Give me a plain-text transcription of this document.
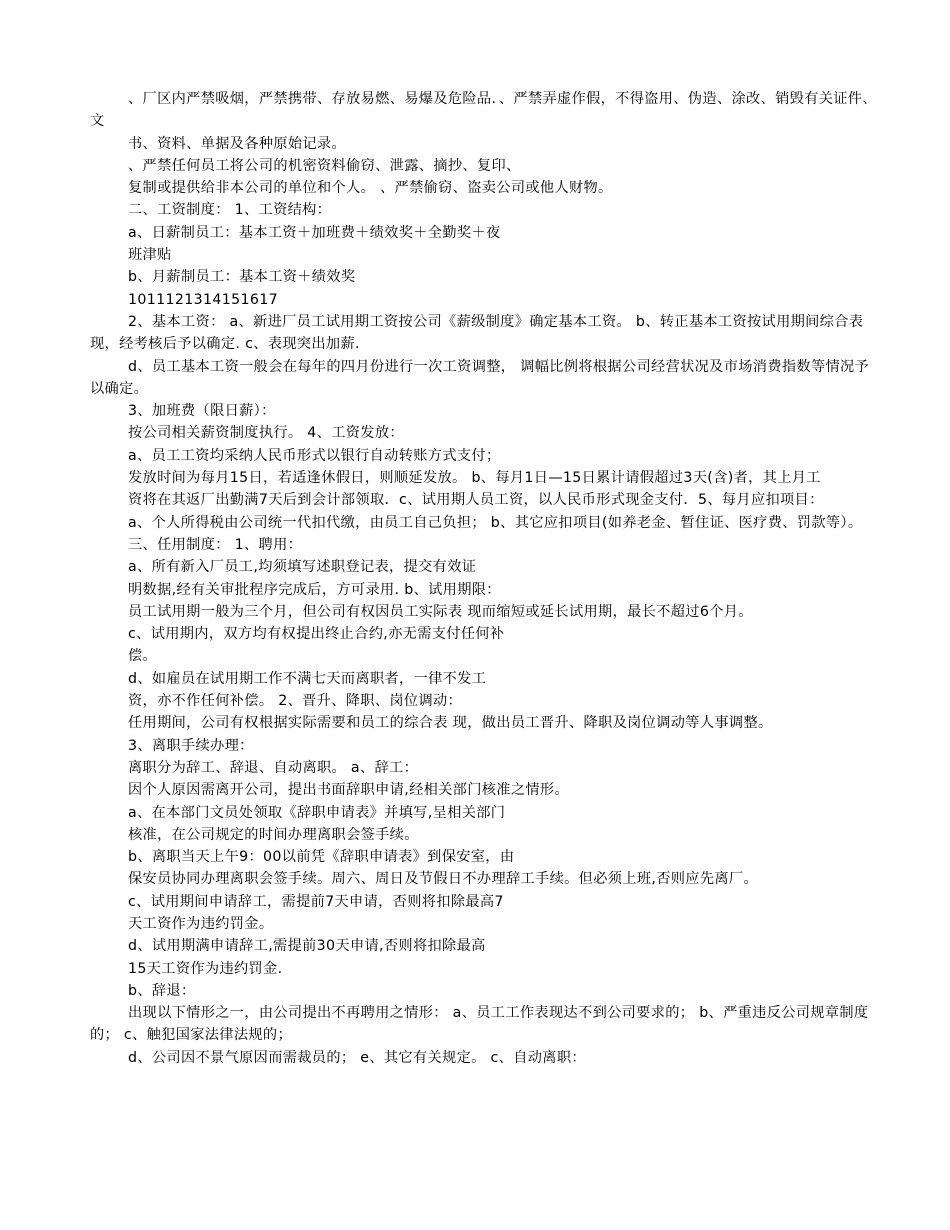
、厂区内严禁吸烟，严禁携带、存放易燃、易爆及危险品．、严禁弄虚作假，不得盗用、伪造、涂改、销毁有关证件、文
书、资料、单据及各种原始记录。
、严禁任何员工将公司的机密资料偷窃、泄露、摘抄、复印、
复制或提供给非本公司的单位和个人。 、严禁偷窃、盗卖公司或他人财物。
二、工资制度： 1、工资结构：
a、日薪制员工：基本工资＋加班费＋绩效奖＋全勤奖＋夜
班津贴
b、月薪制员工：基本工资＋绩效奖
1011121314151617
2、基本工资： a、新进厂员工试用期工资按公司《薪级制度》确定基本工资。 b、转正基本工资按试用期间综合表现，经考核后予以确定. c、表现突出加薪.
d、员工基本工资一般会在每年的四月份进行一次工资调整， 调幅比例将根据公司经营状况及市场消费指数等情况予以确定。
3、加班费（限日薪）：
按公司相关薪资制度执行。 4、工资发放：
a、员工工资均采纳人民币形式以银行自动转账方式支付；
发放时间为每月15日，若适逢休假日，则顺延发放。 b、每月1日—15日累计请假超过3天(含)者，其上月工
资将在其返厂出勤满7天后到会计部领取．c、试用期人员工资，以人民币形式现金支付．5、每月应扣项目：
a、个人所得税由公司统一代扣代缴，由员工自己负担； b、其它应扣项目(如养老金、暂住证、医疗费、罚款等）。
三、任用制度： 1、聘用：
a、所有新入厂员工,均须填写述职登记表，提交有效证
明数据,经有关审批程序完成后，方可录用. b、试用期限：
员工试用期一般为三个月，但公司有权因员工实际表 现而缩短或延长试用期，最长不超过6个月。
c、试用期内，双方均有权提出终止合约,亦无需支付任何补
偿。
d、如雇员在试用期工作不满七天而离职者，一律不发工
资，亦不作任何补偿。 2、晋升、降职、岗位调动：
任用期间，公司有权根据实际需要和员工的综合表 现，做出员工晋升、降职及岗位调动等人事调整。
3、离职手续办理：
离职分为辞工、辞退、自动离职。 a、辞工：
因个人原因需离开公司，提出书面辞职申请,经相关部门核准之情形。
a、在本部门文员处领取《辞职申请表》并填写,呈相关部门
核准，在公司规定的时间办理离职会签手续。
b、离职当天上午9：00以前凭《辞职申请表》到保安室，由
保安员协同办理离职会签手续。周六、周日及节假日不办理辞工手续。但必须上班,否则应先离厂。
c、试用期间申请辞工，需提前7天申请，否则将扣除最高7
天工资作为违约罚金。
d、试用期满申请辞工,需提前30天申请,否则将扣除最高
15天工资作为违约罚金.
b、辞退：
出现以下情形之一，由公司提出不再聘用之情形： a、员工工作表现达不到公司要求的； b、严重违反公司规章制度的； c、触犯国家法律法规的；
d、公司因不景气原因而需裁员的； e、其它有关规定。 c、自动离职：
